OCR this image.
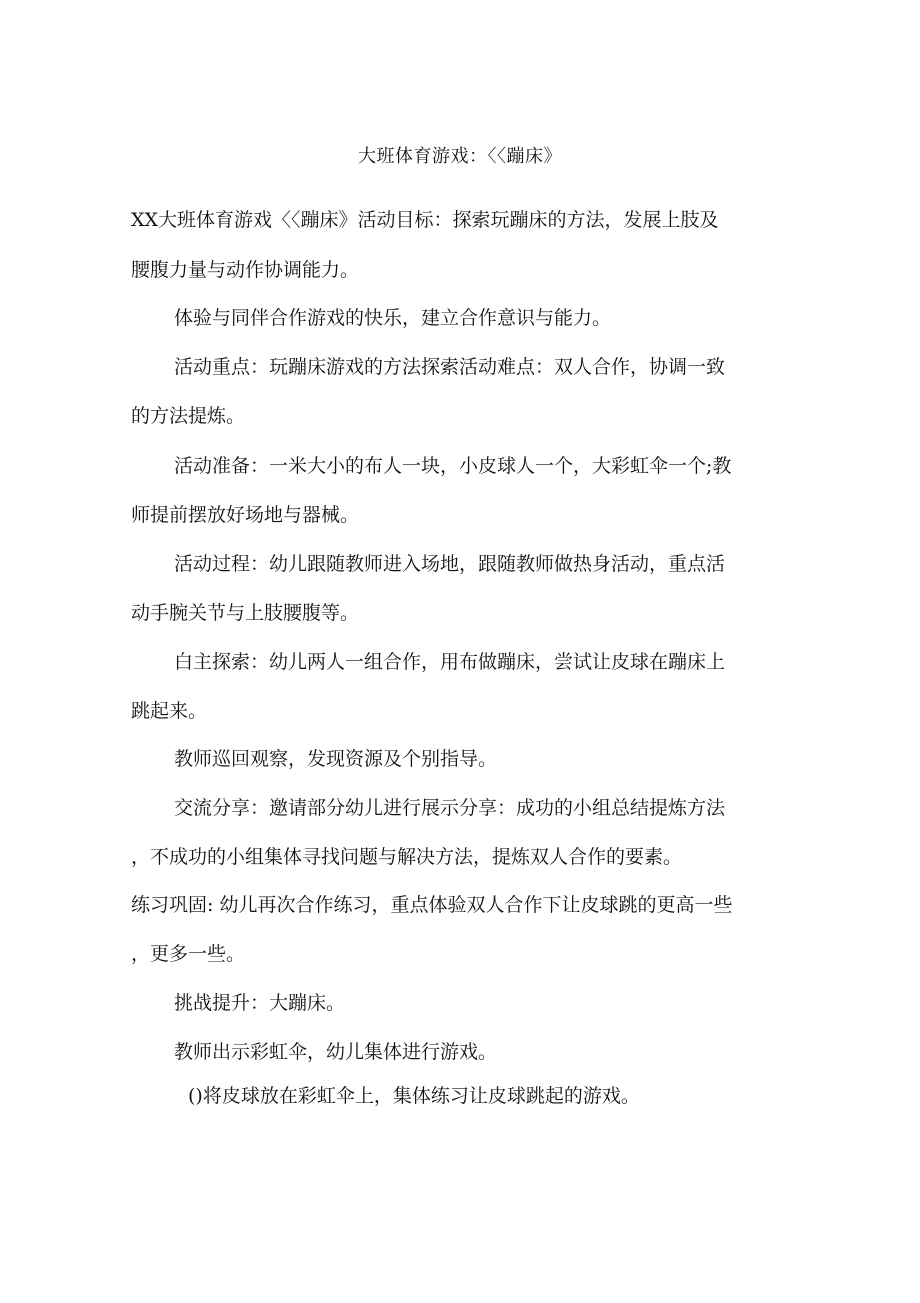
大班体育游戏：〈〈蹦床》
XX大班体育游戏〈〈蹦床》活动目标：探索玩蹦床的方法，发展上肢及
腰腹力量与动作协调能力。
体验与同伴合作游戏的快乐，建立合作意识与能力。
活动重点：玩蹦床游戏的方法探索活动难点：双人合作，协调一致
的方法提炼。
活动准备：一米大小的布人一块，小皮球人一个，大彩虹伞一个;教
师提前摆放好场地与器械。
活动过程：幼儿跟随教师进入场地，跟随教师做热身活动，重点活
动手腕关节与上肢腰腹等。
白主探索：幼儿两人一组合作，用布做蹦床，尝试让皮球在蹦床上
跳起来。
教师巡回观察，发现资源及个别指导。
交流分享：邀请部分幼儿进行展示分享：成功的小组总结提炼方法
，不成功的小组集体寻找问题与解决方法，提炼双人合作的要素。
练习巩固: 幼儿再次合作练习，重点体验双人合作下让皮球跳的更高一些
，更多一些。
挑战提升：大蹦床。
教师出示彩虹伞，幼儿集体进行游戏。
()将皮球放在彩虹伞上，集体练习让皮球跳起的游戏。
